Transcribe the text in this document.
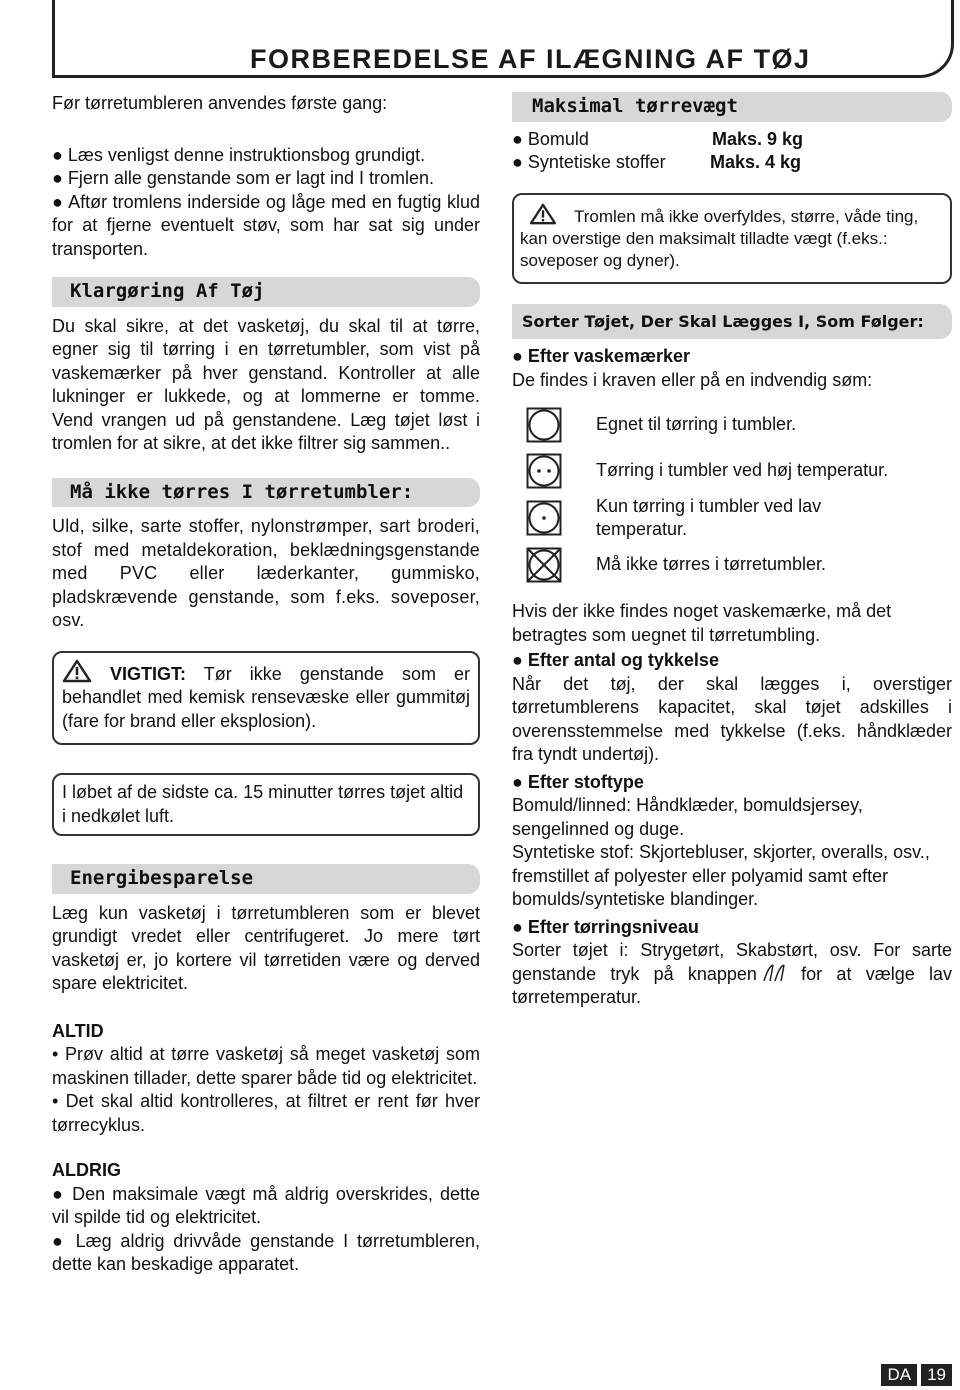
FORBEREDELSE AF ILÆGNING AF TØJ

Før tørretumbleren anvendes første gang:

● Læs venligst denne instruktionsbog grundigt.

● Fjern alle genstande som er lagt ind I tromlen.

● Aftør tromlens inderside og låge med en fugtig klud for at fjerne eventuelt støv, som har sat sig under transporten.

Klargøring Af Tøj

Du skal sikre, at det vasketøj, du skal til at tørre, egner sig til tørring i en tørretumbler, som vist på vaskemærker på hver genstand. Kontroller at alle lukninger er lukkede, og at lommerne er tomme. Vend vrangen ud på genstandene. Læg tøjet løst i tromlen for at sikre, at det ikke filtrer sig sammen..

Må ikke tørres I tørretumbler:

Uld, silke, sarte stoffer, nylonstrømper, sart broderi, stof med metaldekoration, beklædningsgenstande med PVC eller læderkanter, gummisko, pladskrævende genstande, som f.eks. soveposer, osv.

VIGTIGT: Tør ikke genstande som er behandlet med kemisk rensevæske eller gummitøj (fare for brand eller eksplosion).

I løbet af de sidste ca. 15 minutter tørres tøjet altid i nedkølet luft.

Energibesparelse

Læg kun vasketøj i tørretumbleren som er blevet grundigt vredet eller centrifugeret. Jo mere tørt vasketøj er, jo kortere vil tørretiden være og derved spare elektricitet.

ALTID

• Prøv altid at tørre vasketøj så meget vasketøj som maskinen tillader, dette sparer både tid og elektricitet.

• Det skal altid kontrolleres, at filtret er rent før hver tørrecyklus.

ALDRIG

● Den maksimale vægt må aldrig overskrides, dette vil spilde tid og elektricitet.

● Læg aldrig drivvåde genstande I tørretumbleren, dette kan beskadige apparatet.

Maksimal tørrevægt
● Bomuld	Maks. 9 kg
● Syntetiske stoffer	Maks. 4 kg

Tromlen må ikke overfyldes, større, våde ting, kan overstige den maksimalt tilladte vægt (f.eks.: soveposer og dyner).

Sorter Tøjet, Der Skal Lægges I, Som Følger:

● Efter vaskemærker

De findes i kraven eller på en indvendig søm:

Egnet til tørring i tumbler.
Tørring i tumbler ved høj temperatur.
Kun tørring i tumbler ved lav temperatur.
Må ikke tørres i tørretumbler.

Hvis der ikke findes noget vaskemærke, må det betragtes som uegnet til tørretumbling.

● Efter antal og tykkelse

Når det tøj, der skal lægges i, overstiger tørretumblerens kapacitet, skal tøjet adskilles i overensstemmelse med tykkelse (f.eks. håndklæder fra tyndt undertøj).

● Efter stoftype

Bomuld/linned: Håndklæder, bomuldsjersey, sengelinned og duge.

Syntetiske stof: Skjortebluser, skjorter, overalls, osv., fremstillet af polyester eller polyamid samt efter bomulds/syntetiske blandinger.

● Efter tørringsniveau

Sorter tøjet i: Strygetørt, Skabstørt, osv. For sarte genstande tryk på knappen for at vælge lav tørretemperatur.

DA 19
